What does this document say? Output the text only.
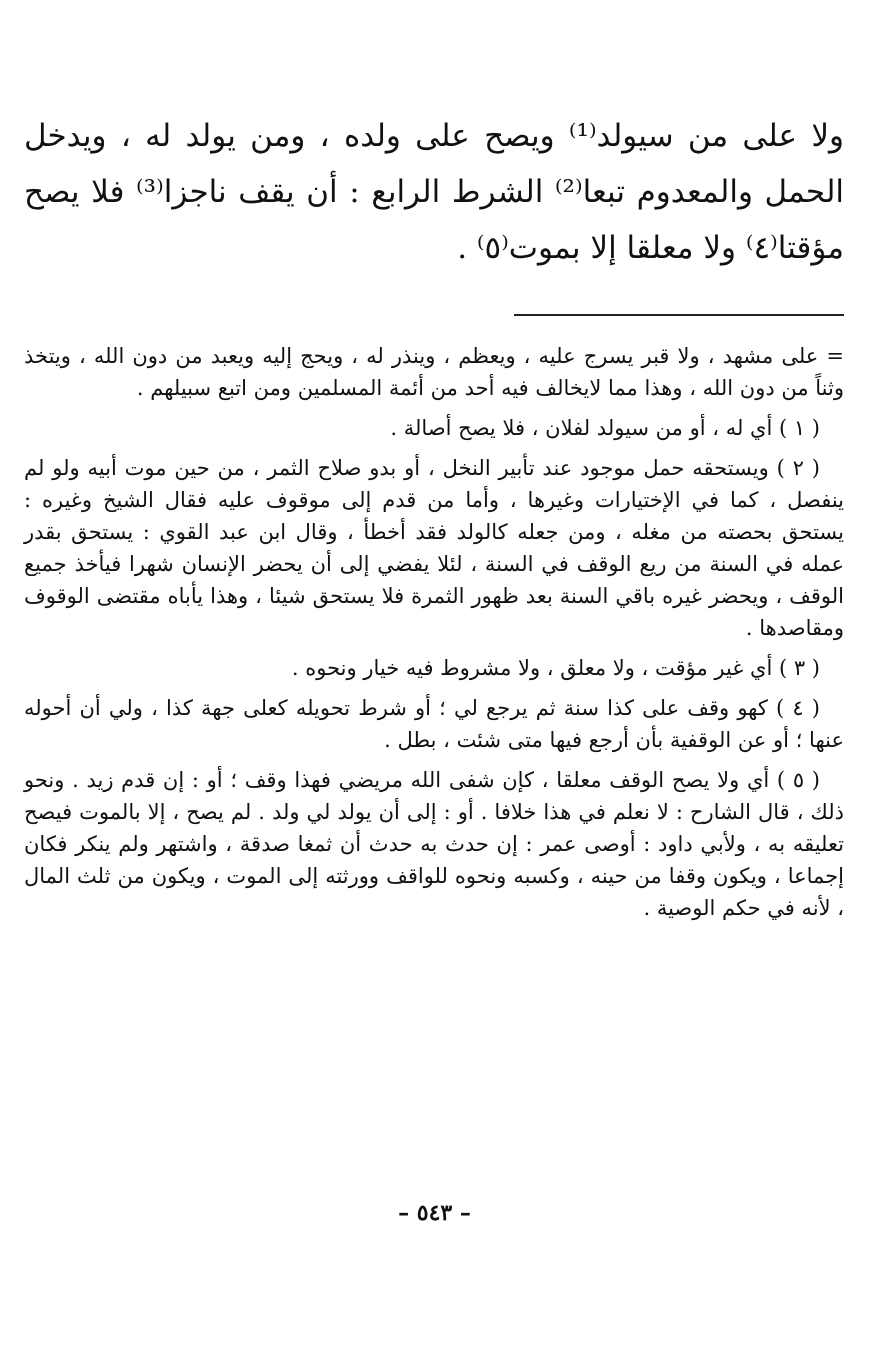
ولا على من سيولد⁽¹⁾ ويصح على ولده ، ومن يولد له ، ويدخل الحمل والمعدوم تبعا⁽²⁾ الشرط الرابع : أن يقف ناجزا⁽³⁾ فلا يصح مؤقتا⁽٤⁾ ولا معلقا إلا بموت⁽٥⁾ .

= على مشهد ، ولا قبر يسرج عليه ، ويعظم ، وينذر له ، ويحج إليه ويعبد من دون الله ، ويتخذ وثناً من دون الله ، وهذا مما لايخالف فيه أحد من أئمة المسلمين ومن اتبع سبيلهم .

( ١ ) أي له ، أو من سيولد لفلان ، فلا يصح أصالة .

( ٢ ) ويستحقه حمل موجود عند تأبير النخل ، أو بدو صلاح الثمر ، من حين موت أبيه ولو لم ينفصل ، كما في الإختيارات وغيرها ، وأما من قدم إلى موقوف عليه فقال الشيخ وغيره : يستحق بحصته من مغله ، ومن جعله كالولد فقد أخطأ ، وقال ابن عبد القوي : يستحق بقدر عمله في السنة من ريع الوقف في السنة ، لئلا يفضي إلى أن يحضر الإنسان شهرا فيأخذ جميع الوقف ، ويحضر غيره باقي السنة بعد ظهور الثمرة فلا يستحق شيئا ، وهذا يأباه مقتضى الوقوف ومقاصدها .

( ٣ ) أي غير مؤقت ، ولا معلق ، ولا مشروط فيه خيار ونحوه .

( ٤ ) كهو وقف على كذا سنة ثم يرجع لي ؛ أو شرط تحويله كعلى جهة كذا ، ولي أن أحوله عنها ؛ أو عن الوقفية بأن أرجع فيها متى شئت ، بطل .

( ٥ ) أي ولا يصح الوقف معلقا ، كإن شفى الله مريضي فهذا وقف ؛ أو : إن قدم زيد . ونحو ذلك ، قال الشارح : لا نعلم في هذا خلافا . أو : إلى أن يولد لي ولد . لم يصح ، إلا بالموت فيصح تعليقه به ، ولأبي داود : أوصى عمر : إن حدث به حدث أن ثمغا صدقة ، واشتهر ولم ينكر فكان إجماعا ، ويكون وقفا من حينه ، وكسبه ونحوه للواقف وورثته إلى الموت ، ويكون من ثلث المال ، لأنه في حكم الوصية .

– ٥٤٣ –
